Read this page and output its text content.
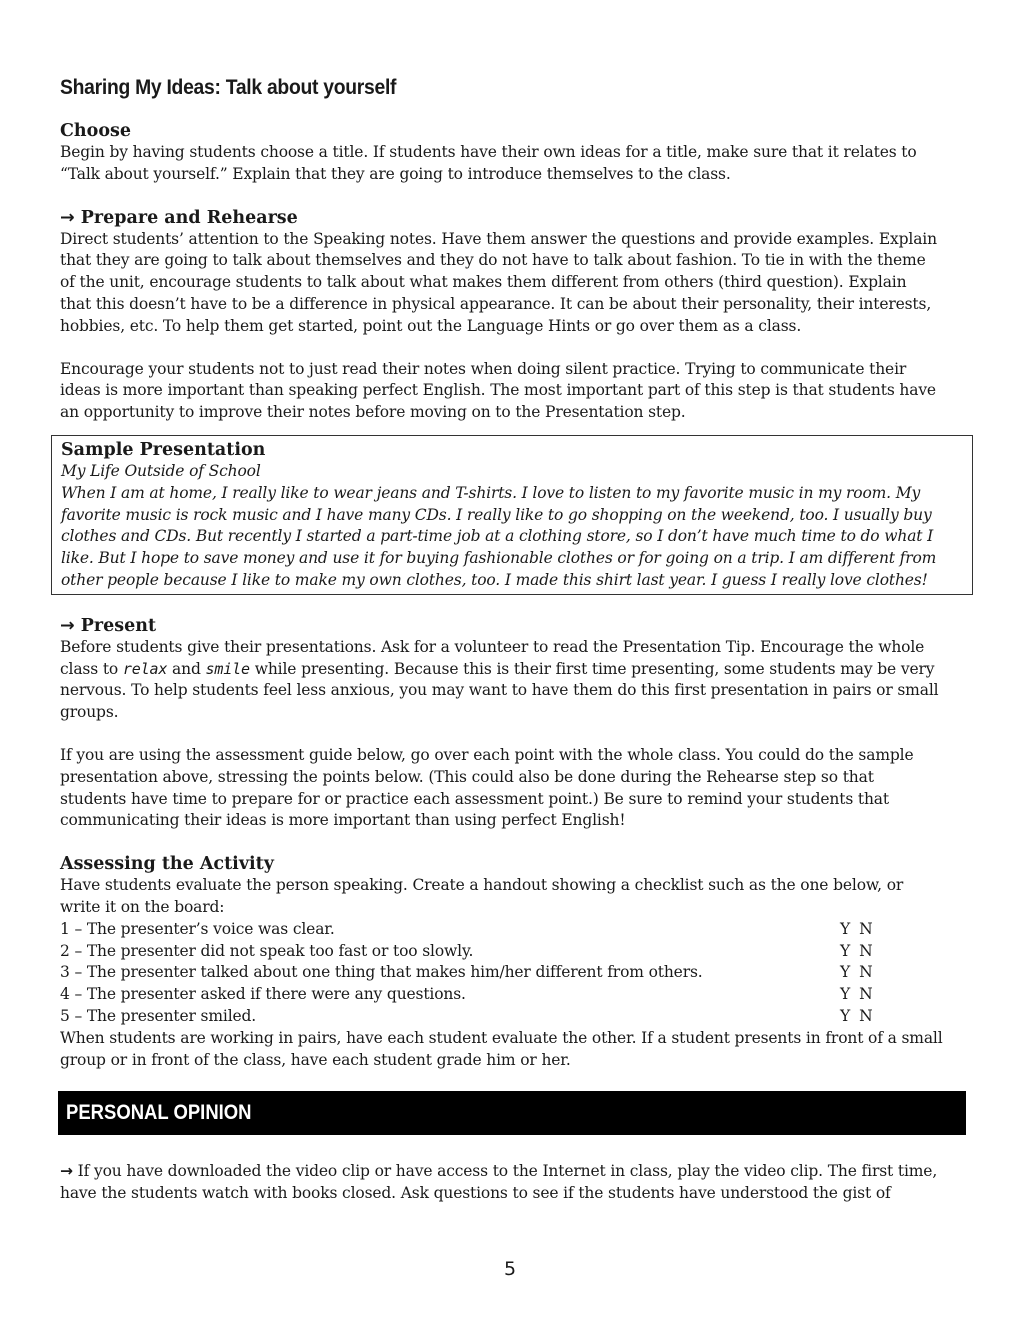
Sharing My Ideas: Talk about yourself
Choose

Begin by having students choose a title. If students have their own ideas for a title, make sure that it relates to

“Talk about yourself.” Explain that they are going to introduce themselves to the class.

→ Prepare and Rehearse

Direct students’ attention to the Speaking notes. Have them answer the questions and provide examples. Explain

that they are going to talk about themselves and they do not have to talk about fashion. To tie in with the theme

of the unit, encourage students to talk about what makes them different from others (third question). Explain

that this doesn’t have to be a difference in physical appearance. It can be about their personality, their interests,

hobbies, etc. To help them get started, point out the Language Hints or go over them as a class.

Encourage your students not to just read their notes when doing silent practice. Trying to communicate their

ideas is more important than speaking perfect English. The most important part of this step is that students have

an opportunity to improve their notes before moving on to the Presentation step.

Sample Presentation

My Life Outside of School

When I am at home, I really like to wear jeans and T-shirts. I love to listen to my favorite music in my room. My

favorite music is rock music and I have many CDs. I really like to go shopping on the weekend, too. I usually buy

clothes and CDs. But recently I started a part-time job at a clothing store, so I don’t have much time to do what I

like. But I hope to save money and use it for buying fashionable clothes or for going on a trip. I am different from

other people because I like to make my own clothes, too. I made this shirt last year. I guess I really love clothes!

→ Present

Before students give their presentations. Ask for a volunteer to read the Presentation Tip. Encourage the whole

class to relax and smile while presenting. Because this is their first time presenting, some students may be very

nervous. To help students feel less anxious, you may want to have them do this first presentation in pairs or small

groups.

If you are using the assessment guide below, go over each point with the whole class. You could do the sample

presentation above, stressing the points below. (This could also be done during the Rehearse step so that

students have time to prepare for or practice each assessment point.) Be sure to remind your students that

communicating their ideas is more important than using perfect English!

Assessing the Activity

Have students evaluate the person speaking. Create a handout showing a checklist such as the one below, or

write it on the board:

1 – The presenter’s voice was clear.	Y N
2 – The presenter did not speak too fast or too slowly.	Y N
3 – The presenter talked about one thing that makes him/her different from others.	Y N
4 – The presenter asked if there were any questions.	Y N
5 – The presenter smiled.	Y N

When students are working in pairs, have each student evaluate the other. If a student presents in front of a small

group or in front of the class, have each student grade him or her.

PERSONAL OPINION

→ If you have downloaded the video clip or have access to the Internet in class, play the video clip. The first time,

have the students watch with books closed. Ask questions to see if the students have understood the gist of

5
